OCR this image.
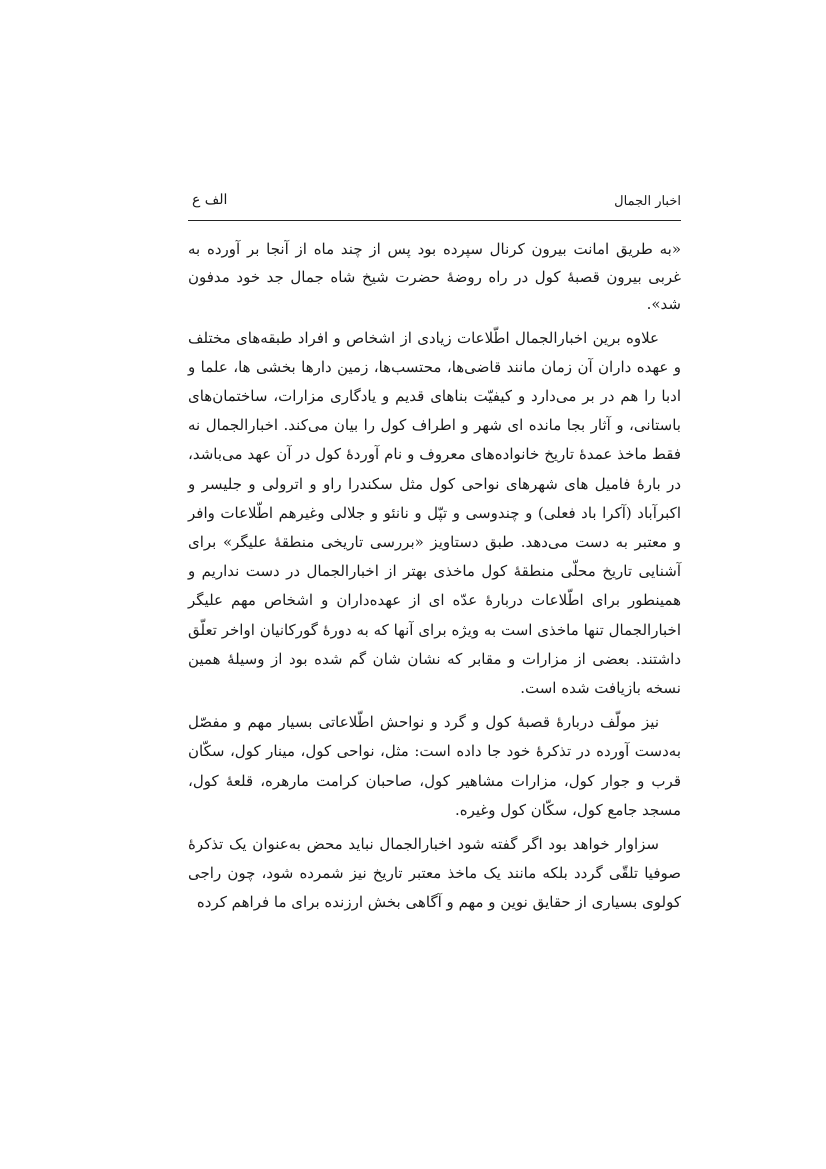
اخبار الجمال
الف ع

«به طریق امانت بیرون کرنال سپرده بود پس از چند ماه از آنجا بر آورده به غربی بیرون قصبۀ کول در راه روضۀ حضرت شیخ شاه جمال جد خود مدفون شد».

علاوه برین اخبارالجمال اطّلاعات زیادی از اشخاص و افراد طبقه‌های مختلف و عهده داران آن زمان مانند قاضی‌ها، محتسب‌ها، زمین دارها بخشی ها، علما و ادبا را هم در بر می‌دارد و کیفیّت بناهای قدیم و یادگاری مزارات، ساختمان‌های باستانی، و آثار بجا مانده ای شهر و اطراف کول را بیان می‌کند. اخبارالجمال نه فقط ماخذ عمدۀ تاریخ خانواده‌های معروف و نام آوردۀ کول در آن عهد می‌باشد، در بارۀ فامیل های شهرهای نواحی کول مثل سکندرا راو و اترولی و جلیسر و اکبرآباد (آکرا باد فعلی) و چندوسی و تپّل و نانئو و جلالی وغیرهم اطّلاعات وافر و معتبر به دست می‌دهد. طبق دستاویز «بررسی تاریخی منطقۀ علیگر» برای آشنایی تاریخ محلّی منطقۀ کول ماخذی بهتر از اخبارالجمال در دست نداریم و همینطور برای اطّلاعات دربارۀ عدّه ای از عهده‌داران و اشخاص مهم علیگر اخبارالجمال تنها ماخذی است به ویژه برای آنها که به دورۀ گورکانیان اواخر تعلّق داشتند. بعضی از مزارات و مقابر که نشان شان گم شده بود از وسیلۀ همین نسخه بازیافت شده است.

نیز مولّف دربارۀ قصبۀ کول و گرد و نواحش اطّلاعاتی بسیار مهم و مفصّل به‌دست آورده در تذکرۀ خود جا داده است: مثل، نواحی کول، مینار کول، سکّان قرب و جوار کول، مزارات مشاهیر کول، صاحبان کرامت مارهره، قلعۀ کول، مسجد جامع کول، سکّان کول وغیره.

سزاوار خواهد بود اگر گفته شود اخبارالجمال نباید محض به‌عنوان یک تذکرۀ صوفیا تلقّی گردد بلکه مانند یک ماخذ معتبر تاریخ نیز شمرده شود، چون راجی کولوی بسیاری از حقایق نوین و مهم و آگاهی بخش ارزنده برای ما فراهم کرده
